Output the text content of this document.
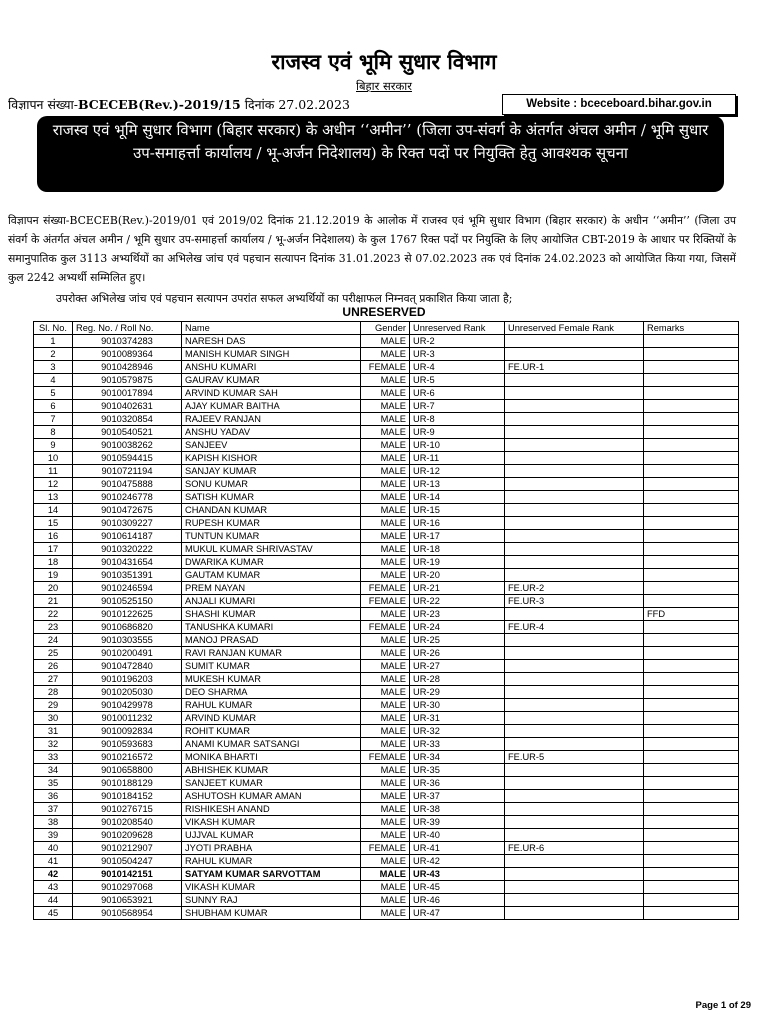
राजस्व एवं भूमि सुधार विभाग
बिहार सरकार
विज्ञापन संख्या-BCECEB(Rev.)-2019/15 दिनांक 27.02.2023	Website : bceceboard.bihar.gov.in
राजस्व एवं भूमि सुधार विभाग (बिहार सरकार) के अधीन ‘‘अमीन’’ (जिला उप-संवर्ग के अंतर्गत अंचल अमीन / भूमि सुधार उप-समाहर्त्ता कार्यालय / भू-अर्जन निदेशालय) के रिक्त पदों पर नियुक्ति हेतु आवश्यक सूचना
विज्ञापन संख्या-BCECEB(Rev.)-2019/01 एवं 2019/02 दिनांक 21.12.2019 के आलोक में राजस्व एवं भूमि सुधार विभाग (बिहार सरकार) के अधीन ‘‘अमीन’’ (जिला उप संवर्ग के अंतर्गत अंचल अमीन / भूमि सुधार उप-समाहर्त्ता कार्यालय / भू-अर्जन निदेशालय) के कुल 1767 रिक्त पदों पर नियुक्ति के लिए आयोजित CBT-2019 के आधार पर रिक्तियों के समानुपातिक कुल 3113 अभ्यर्थियों का अभिलेख जांच एवं पहचान सत्यापन दिनांक 31.01.2023 से 07.02.2023 तक एवं दिनांक 24.02.2023 को आयोजित किया गया, जिसमें कुल 2242 अभ्यर्थी सम्मिलित हुए।
उपरोक्त अभिलेख जांच एवं पहचान सत्यापन उपरांत सफल अभ्यर्थियों का परीक्षाफल निम्नवत् प्रकाशित किया जाता है;
UNRESERVED
Sl. No.	Reg. No. / Roll No.	Name	Gender	Unreserved Rank	Unreserved Female Rank	Remarks
1	9010374283	NARESH DAS	MALE	UR-2		
2	9010089364	MANISH KUMAR SINGH	MALE	UR-3		
3	9010428946	ANSHU KUMARI	FEMALE	UR-4	FE.UR-1	
4	9010579875	GAURAV KUMAR	MALE	UR-5		
5	9010017894	ARVIND KUMAR SAH	MALE	UR-6		
6	9010402631	AJAY KUMAR BAITHA	MALE	UR-7		
7	9010320854	RAJEEV RANJAN	MALE	UR-8		
8	9010540521	ANSHU YADAV	MALE	UR-9		
9	9010038262	SANJEEV	MALE	UR-10		
10	9010594415	KAPISH KISHOR	MALE	UR-11		
11	9010721194	SANJAY KUMAR	MALE	UR-12		
12	9010475888	SONU KUMAR	MALE	UR-13		
13	9010246778	SATISH KUMAR	MALE	UR-14		
14	9010472675	CHANDAN KUMAR	MALE	UR-15		
15	9010309227	RUPESH KUMAR	MALE	UR-16		
16	9010614187	TUNTUN KUMAR	MALE	UR-17		
17	9010320222	MUKUL KUMAR SHRIVASTAV	MALE	UR-18		
18	9010431654	DWARIKA KUMAR	MALE	UR-19		
19	9010351391	GAUTAM KUMAR	MALE	UR-20		
20	9010246594	PREM NAYAN	FEMALE	UR-21	FE.UR-2	
21	9010525150	ANJALI KUMARI	FEMALE	UR-22	FE.UR-3	
22	9010122625	SHASHI KUMAR	MALE	UR-23		FFD
23	9010686820	TANUSHKA KUMARI	FEMALE	UR-24	FE.UR-4	
24	9010303555	MANOJ PRASAD	MALE	UR-25		
25	9010200491	RAVI RANJAN KUMAR	MALE	UR-26		
26	9010472840	SUMIT KUMAR	MALE	UR-27		
27	9010196203	MUKESH KUMAR	MALE	UR-28		
28	9010205030	DEO SHARMA	MALE	UR-29		
29	9010429978	RAHUL KUMAR	MALE	UR-30		
30	9010011232	ARVIND KUMAR	MALE	UR-31		
31	9010092834	ROHIT KUMAR	MALE	UR-32		
32	9010593683	ANAMI KUMAR SATSANGI	MALE	UR-33		
33	9010216572	MONIKA BHARTI	FEMALE	UR-34	FE.UR-5	
34	9010658800	ABHISHEK KUMAR	MALE	UR-35		
35	9010188129	SANJEET KUMAR	MALE	UR-36		
36	9010184152	ASHUTOSH KUMAR AMAN	MALE	UR-37		
37	9010276715	RISHIKESH ANAND	MALE	UR-38		
38	9010208540	VIKASH KUMAR	MALE	UR-39		
39	9010209628	UJJVAL KUMAR	MALE	UR-40		
40	9010212907	JYOTI PRABHA	FEMALE	UR-41	FE.UR-6	
41	9010504247	RAHUL KUMAR	MALE	UR-42		
42	9010142151	SATYAM KUMAR SARVOTTAM	MALE	UR-43		
43	9010297068	VIKASH KUMAR	MALE	UR-45		
44	9010653921	SUNNY RAJ	MALE	UR-46		
45	9010568954	SHUBHAM KUMAR	MALE	UR-47		
Page 1 of 29
